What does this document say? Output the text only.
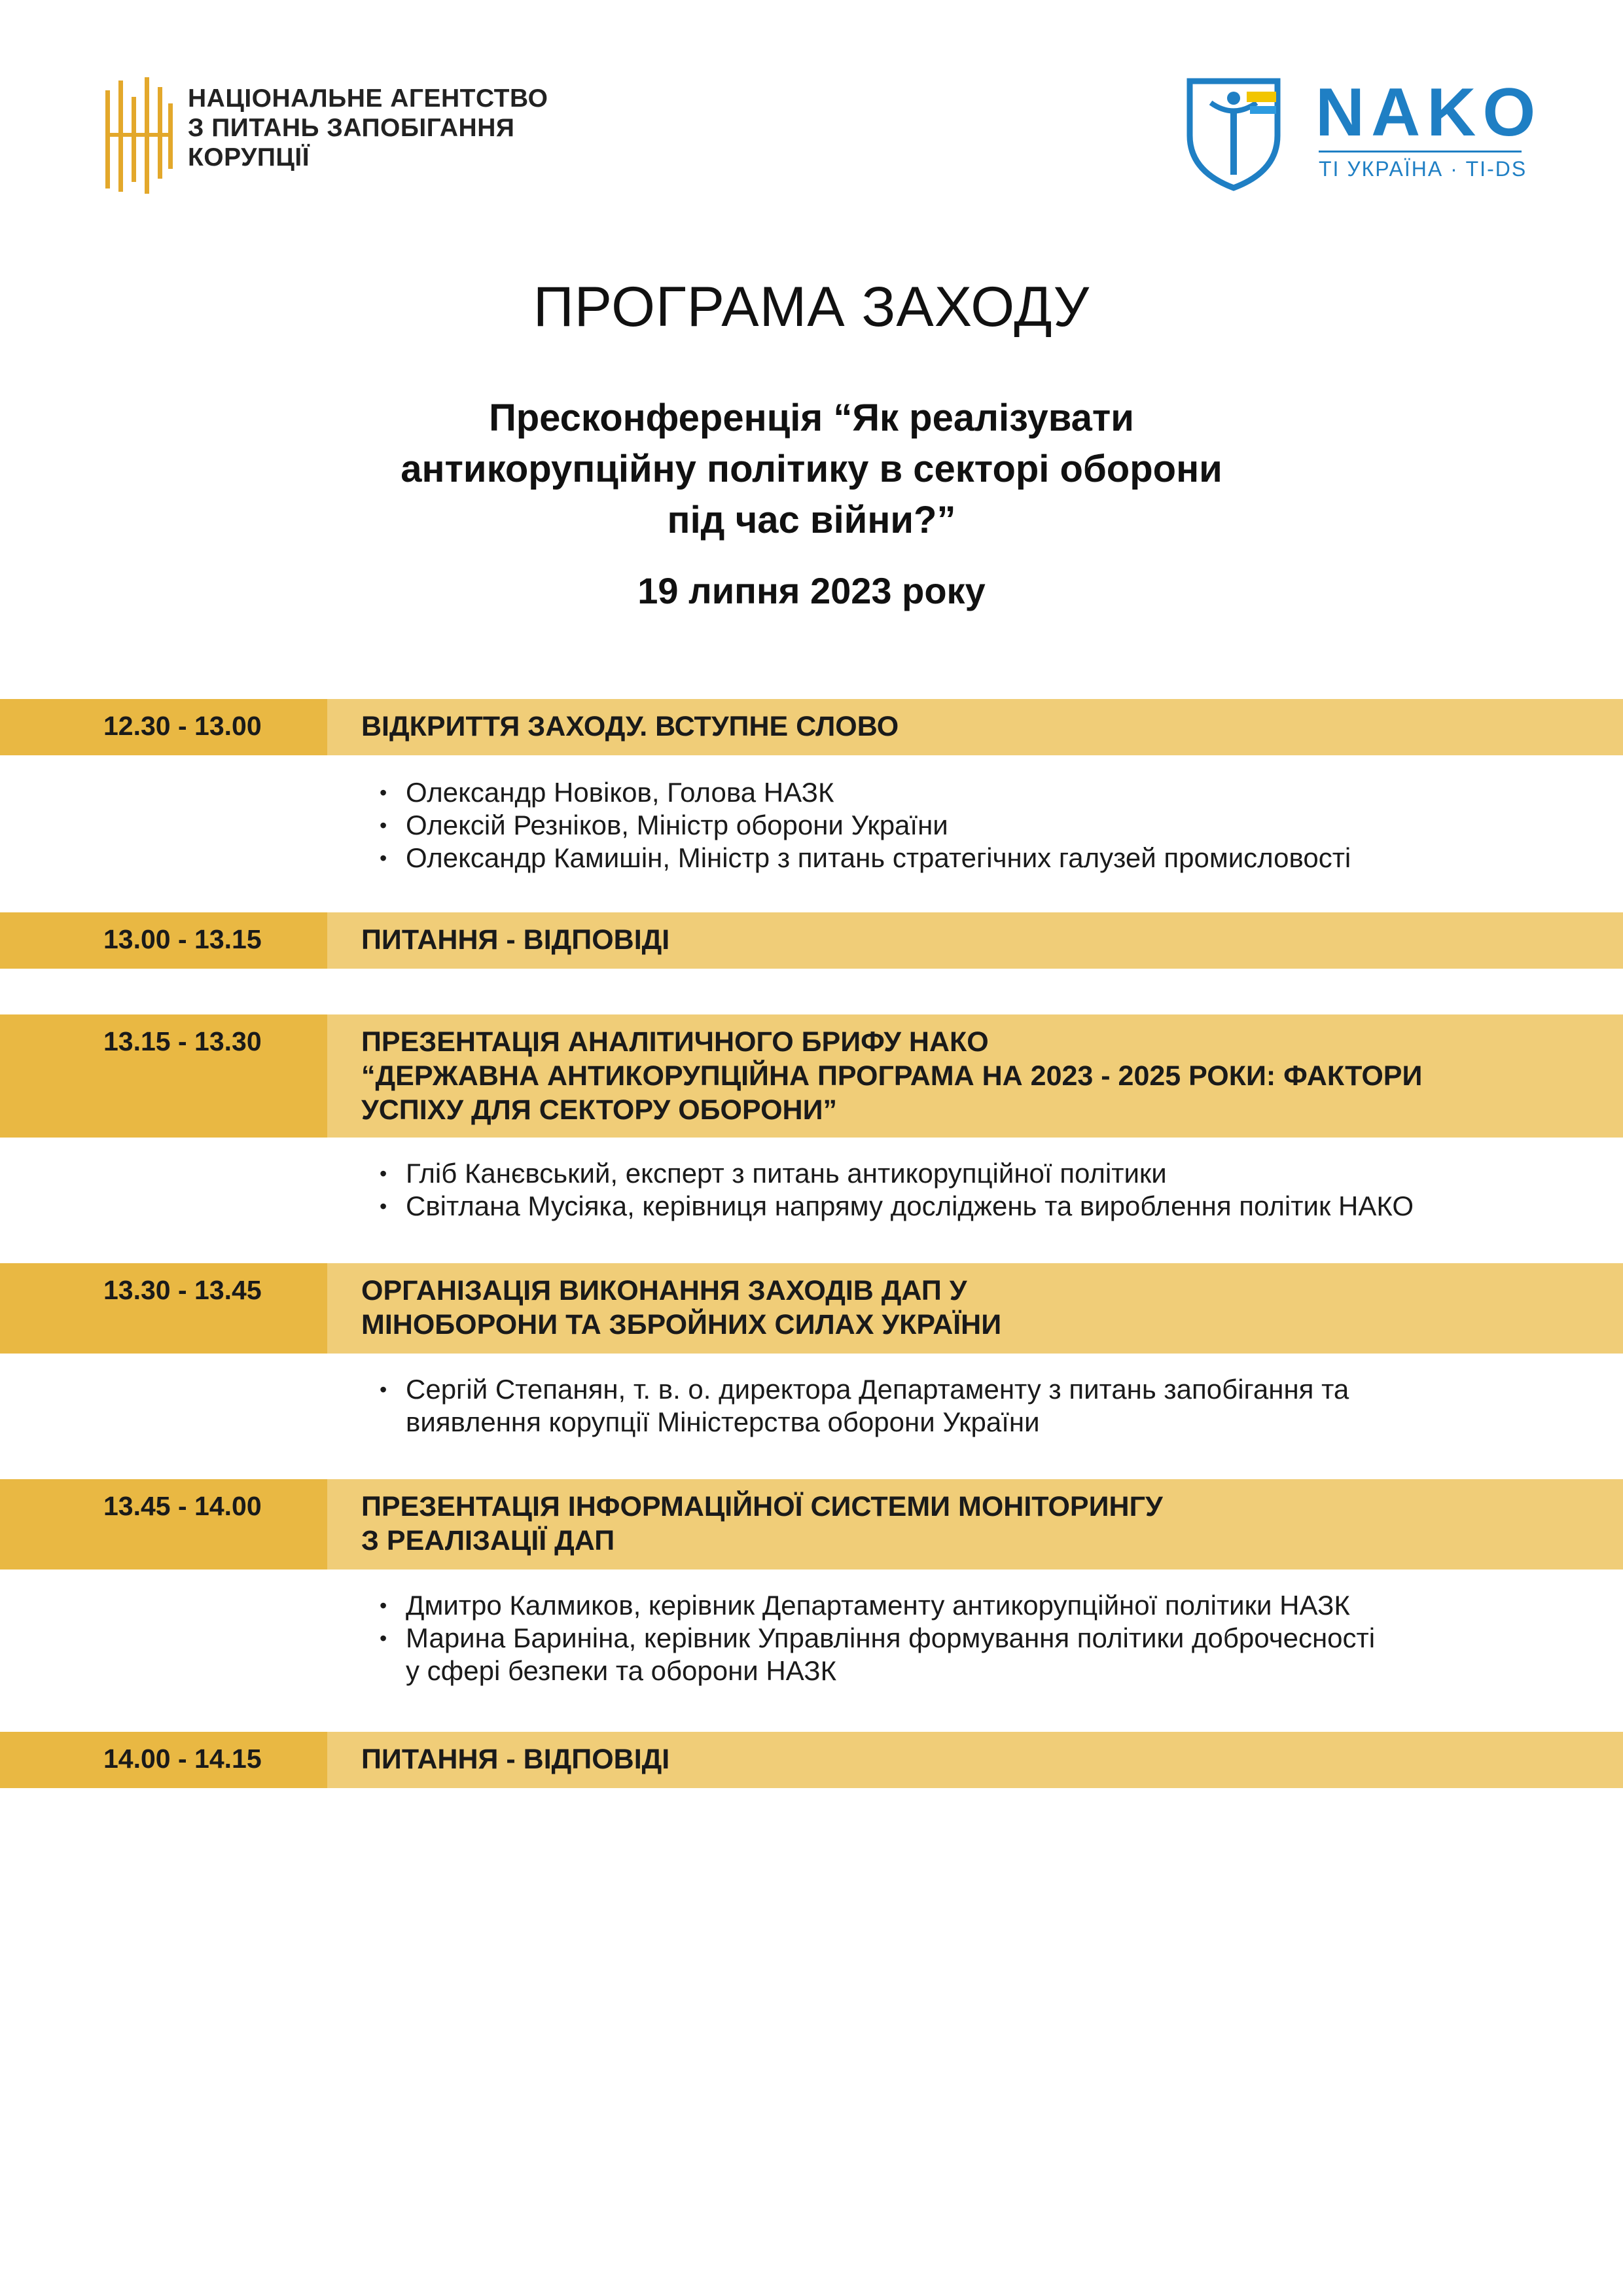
НАЦІОНАЛЬНЕ АГЕНТСТВО
З ПИТАНЬ ЗАПОБІГАННЯ
КОРУПЦІЇ
NAKO
ТІ УКРАЇНА · TI-DS
ПРОГРАМА ЗАХОДУ
Пресконференція “Як реалізувати
антикорупційну політику в секторі оборони
під час війни?”
19 липня 2023 року
12.30 - 13.00	ВІДКРИТТЯ ЗАХОДУ. ВСТУПНЕ СЛОВО
• Олександр Новіков, Голова НАЗК
• Олексій Резніков, Міністр оборони України
• Олександр Камишін, Міністр з питань стратегічних галузей промисловості
13.00 - 13.15	ПИТАННЯ - ВІДПОВІДІ
13.15 - 13.30	ПРЕЗЕНТАЦІЯ АНАЛІТИЧНОГО БРИФУ НАКО
“ДЕРЖАВНА АНТИКОРУПЦІЙНА ПРОГРАМА НА 2023 - 2025 РОКИ: ФАКТОРИ
УСПІХУ ДЛЯ СЕКТОРУ ОБОРОНИ”
• Гліб Канєвський, експерт з питань антикорупційної політики
• Світлана Мусіяка, керівниця напряму досліджень та вироблення політик НАКО
13.30 - 13.45	ОРГАНІЗАЦІЯ ВИКОНАННЯ ЗАХОДІВ ДАП У
МІНОБОРОНИ ТА ЗБРОЙНИХ СИЛАХ УКРАЇНИ
• Сергій Степанян, т. в. о. директора Департаменту з питань запобігання та
виявлення корупції Міністерства оборони України
13.45 - 14.00	ПРЕЗЕНТАЦІЯ ІНФОРМАЦІЙНОЇ СИСТЕМИ МОНІТОРИНГУ
З РЕАЛІЗАЦІЇ ДАП
• Дмитро Калмиков, керівник Департаменту антикорупційної політики НАЗК
• Марина Бариніна, керівник Управління формування політики доброчесності
у сфері безпеки та оборони НАЗК
14.00 - 14.15	ПИТАННЯ - ВІДПОВІДІ
